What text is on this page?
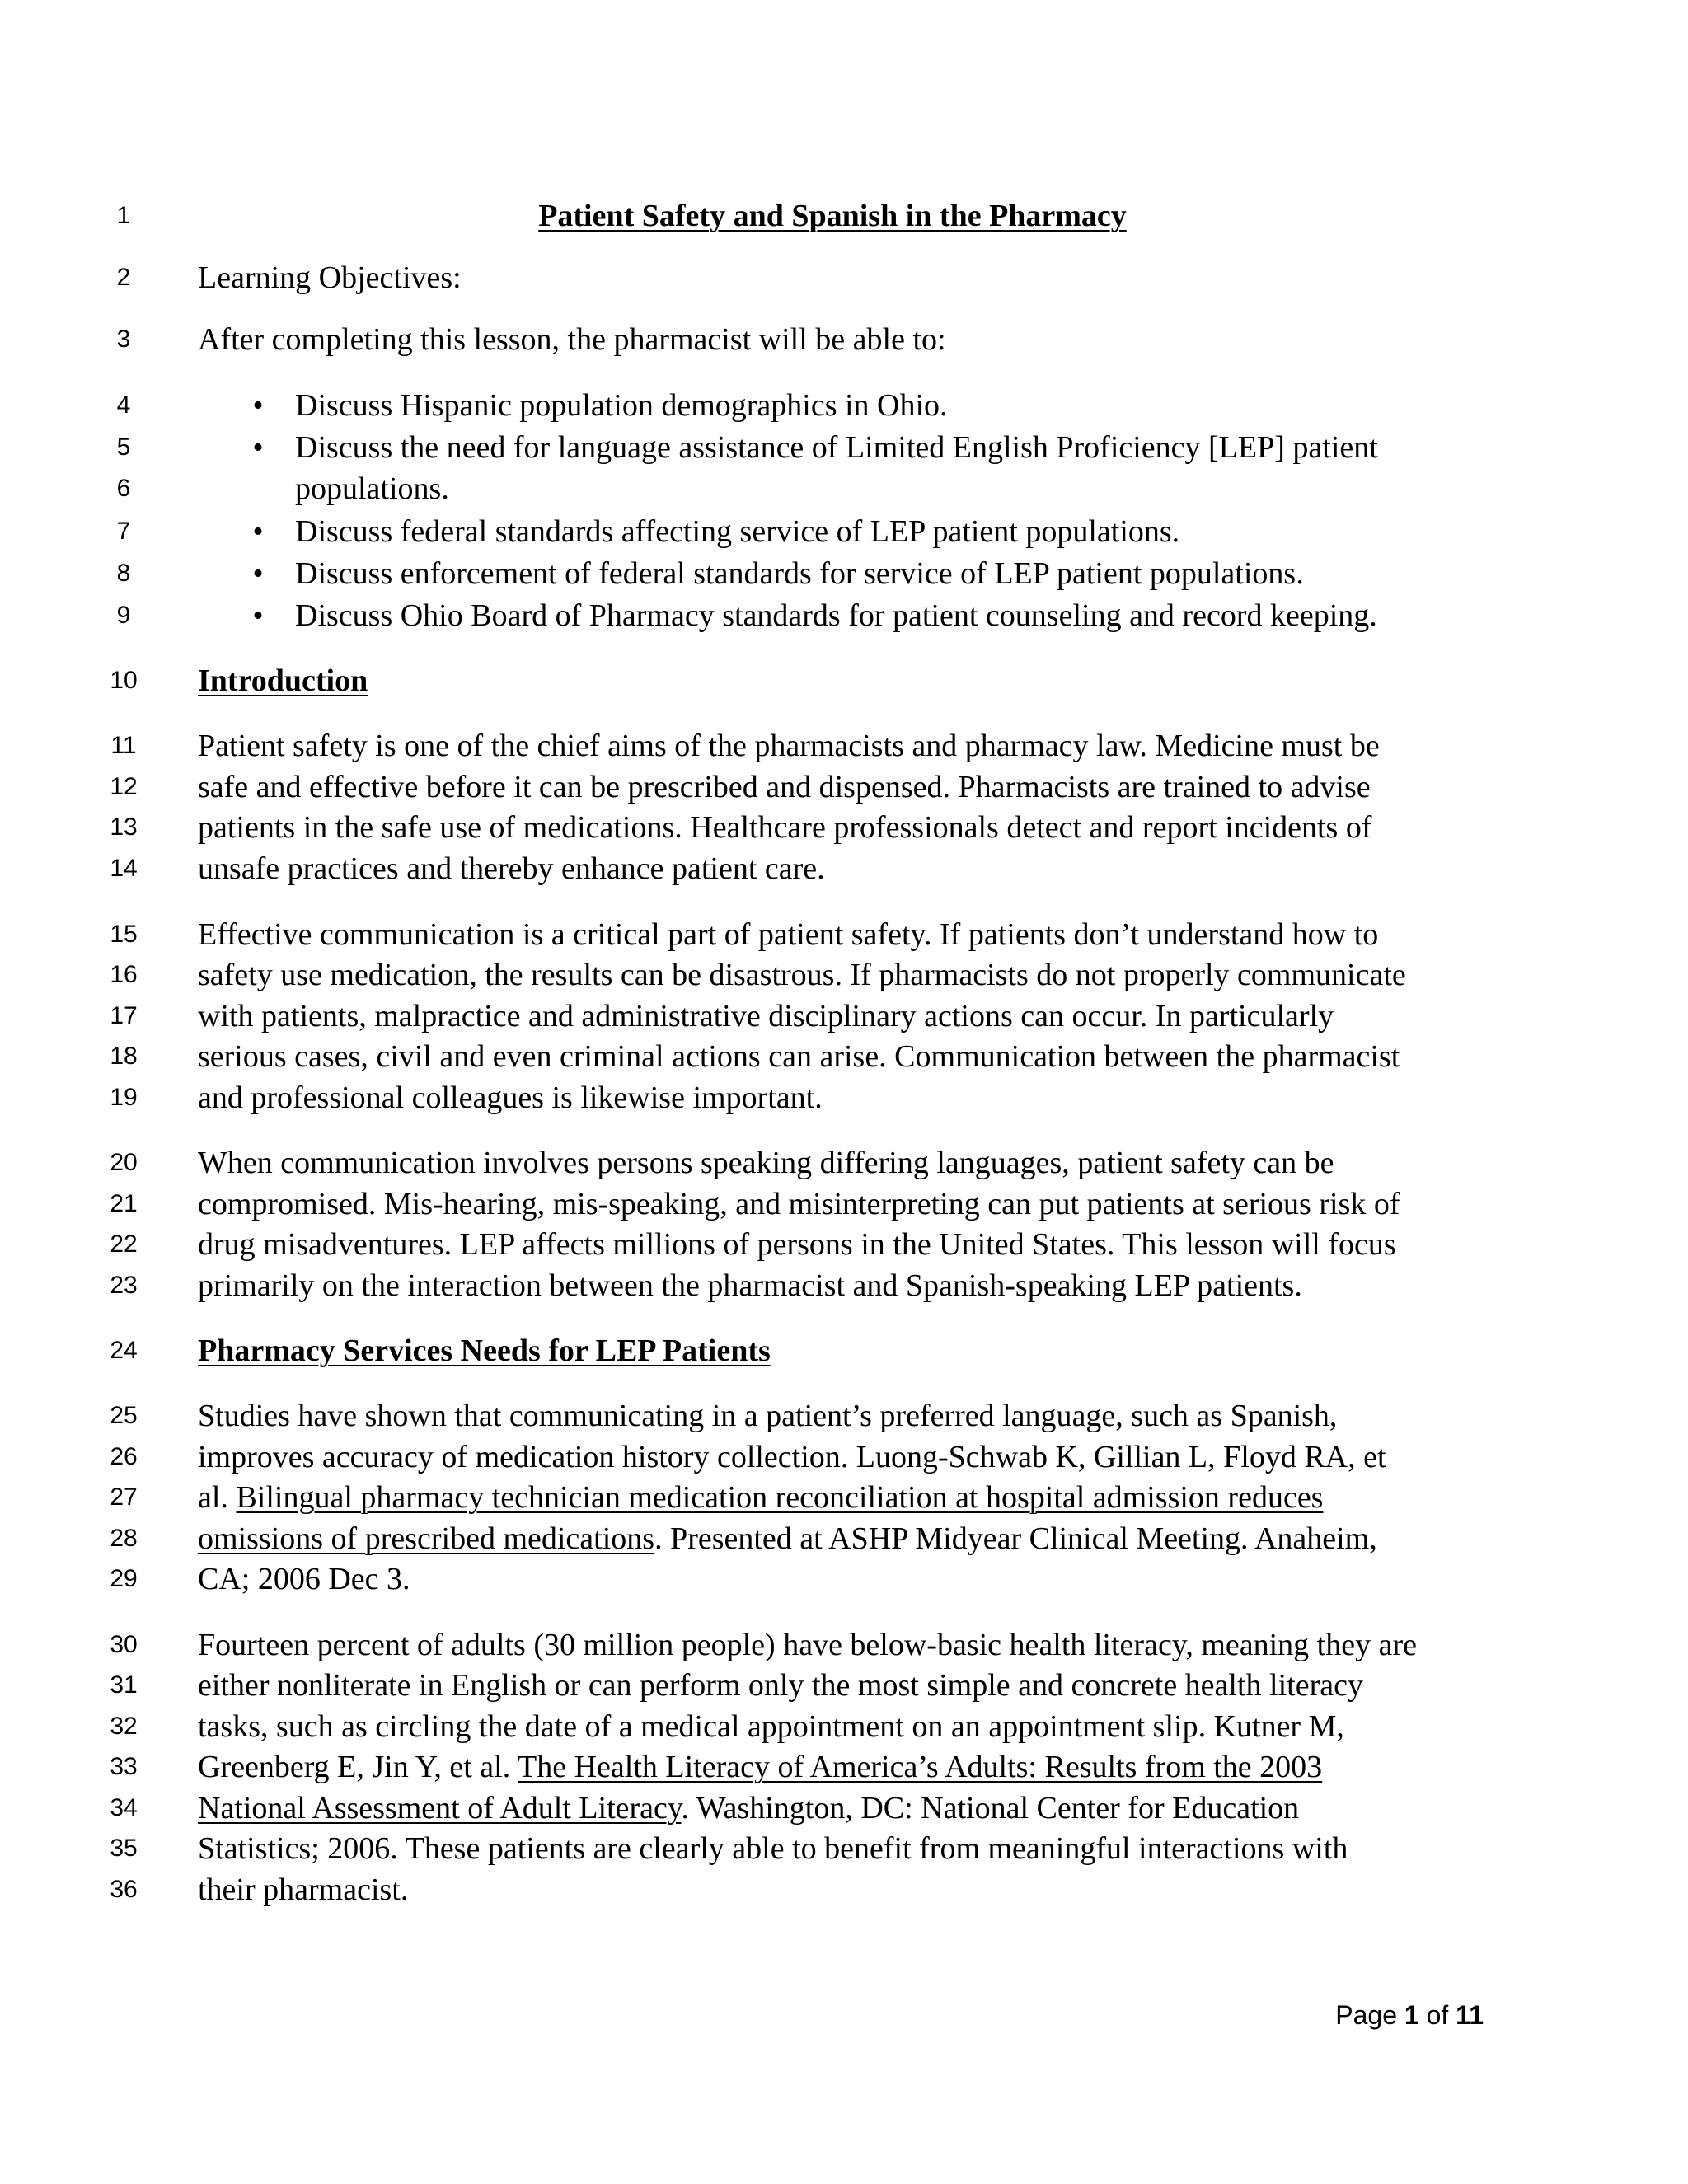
1	Patient Safety and Spanish in the Pharmacy
2	Learning Objectives:
3	After completing this lesson, the pharmacist will be able to:
4	• Discuss Hispanic population demographics in Ohio.
5	• Discuss the need for language assistance of Limited English Proficiency [LEP] patient
6	populations.
7	• Discuss federal standards affecting service of LEP patient populations.
8	• Discuss enforcement of federal standards for service of LEP patient populations.
9	• Discuss Ohio Board of Pharmacy standards for patient counseling and record keeping.
10	Introduction
11	Patient safety is one of the chief aims of the pharmacists and pharmacy law. Medicine must be
12	safe and effective before it can be prescribed and dispensed. Pharmacists are trained to advise
13	patients in the safe use of medications. Healthcare professionals detect and report incidents of
14	unsafe practices and thereby enhance patient care.
15	Effective communication is a critical part of patient safety. If patients don’t understand how to
16	safety use medication, the results can be disastrous. If pharmacists do not properly communicate
17	with patients, malpractice and administrative disciplinary actions can occur. In particularly
18	serious cases, civil and even criminal actions can arise. Communication between the pharmacist
19	and professional colleagues is likewise important.
20	When communication involves persons speaking differing languages, patient safety can be
21	compromised. Mis-hearing, mis-speaking, and misinterpreting can put patients at serious risk of
22	drug misadventures. LEP affects millions of persons in the United States. This lesson will focus
23	primarily on the interaction between the pharmacist and Spanish-speaking LEP patients.
24	Pharmacy Services Needs for LEP Patients
25	Studies have shown that communicating in a patient’s preferred language, such as Spanish,
26	improves accuracy of medication history collection. Luong-Schwab K, Gillian L, Floyd RA, et
27	al. Bilingual pharmacy technician medication reconciliation at hospital admission reduces
28	omissions of prescribed medications. Presented at ASHP Midyear Clinical Meeting. Anaheim,
29	CA; 2006 Dec 3.
30	Fourteen percent of adults (30 million people) have below-basic health literacy, meaning they are
31	either nonliterate in English or can perform only the most simple and concrete health literacy
32	tasks, such as circling the date of a medical appointment on an appointment slip. Kutner M,
33	Greenberg E, Jin Y, et al. The Health Literacy of America’s Adults: Results from the 2003
34	National Assessment of Adult Literacy. Washington, DC: National Center for Education
35	Statistics; 2006. These patients are clearly able to benefit from meaningful interactions with
36	their pharmacist.
Page 1 of 11
